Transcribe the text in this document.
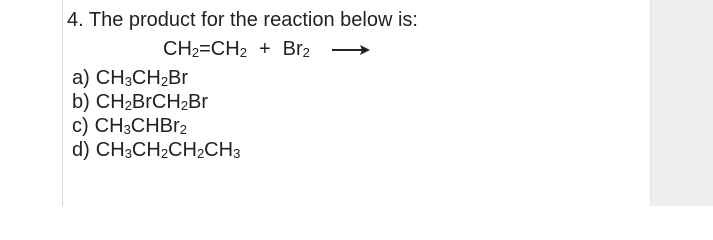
4. The product for the reaction below is:
$CH_2=CH_2 + Br_2$
a) $CH_3CH_2Br$
b) $CH_2BrCH_2Br$
c) $CH_3CHBr_2$
d) $CH_3CH_2CH_2CH_3$
